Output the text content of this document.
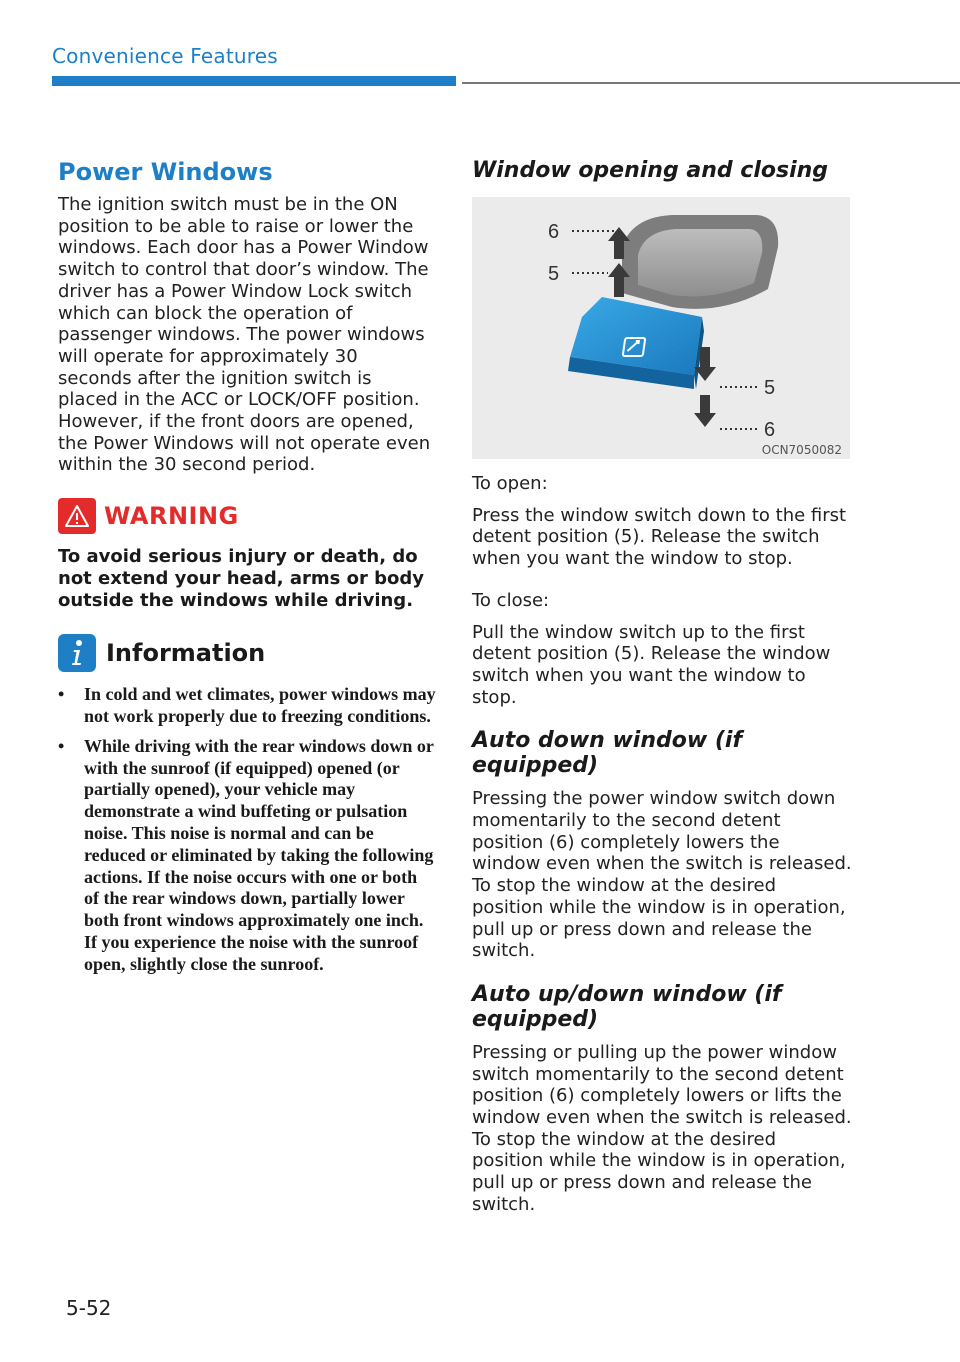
Convenience Features
Power Windows

The ignition switch must be in the ON position to be able to raise or lower the windows. Each door has a Power Window switch to control that door’s window. The driver has a Power Window Lock switch which can block the operation of passenger windows. The power windows will operate for approximately 30 seconds after the ignition switch is placed in the ACC or LOCK/OFF position. However, if the front doors are opened, the Power Windows will not operate even within the 30 second period.

WARNING

To avoid serious injury or death, do not extend your head, arms or body outside the windows while driving.

Information
• In cold and wet climates, power windows may not work properly due to freezing conditions.
• While driving with the rear windows down or with the sunroof (if equipped) opened (or partially opened), your vehicle may demonstrate a wind buffeting or pulsation noise. This noise is normal and can be reduced or eliminated by taking the following actions. If the noise occurs with one or both of the rear windows down, partially lower both front windows approximately one inch. If you experience the noise with the sunroof open, slightly close the sunroof.
Window opening and closing
6
5
5
6
OCN7050082

To open:

Press the window switch down to the first detent position (5). Release the switch when you want the window to stop.

To close:

Pull the window switch up to the first detent position (5). Release the window switch when you want the window to stop.

Auto down window (if equipped)

Pressing the power window switch down momentarily to the second detent position (6) completely lowers the window even when the switch is released. To stop the window at the desired position while the window is in operation, pull up or press down and release the switch.

Auto up/down window (if equipped)

Pressing or pulling up the power window switch momentarily to the second detent position (6) completely lowers or lifts the window even when the switch is released. To stop the window at the desired position while the window is in operation, pull up or press down and release the switch.

5-52
